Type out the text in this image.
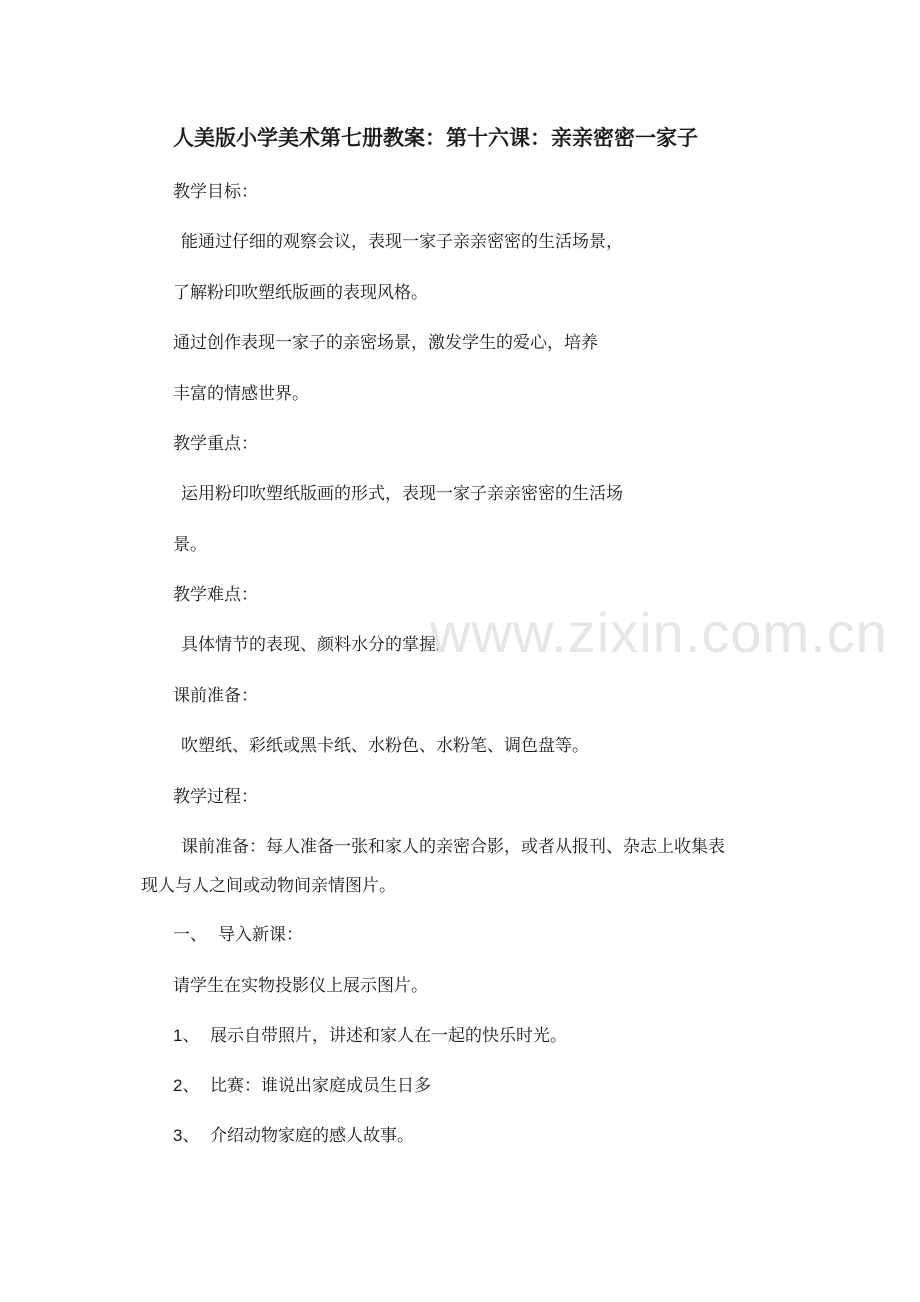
人美版小学美术第七册教案：第十六课：亲亲密密一家子
教学目标：
能通过仔细的观察会议，表现一家子亲亲密密的生活场景，
了解粉印吹塑纸版画的表现风格。
通过创作表现一家子的亲密场景，激发学生的爱心，培养
丰富的情感世界。
教学重点：
运用粉印吹塑纸版画的形式，表现一家子亲亲密密的生活场
景。
教学难点：
具体情节的表现、颜料水分的掌握。
课前准备：
吹塑纸、彩纸或黑卡纸、水粉色、水粉笔、调色盘等。
教学过程：
课前准备：每人准备一张和家人的亲密合影，或者从报刊、杂志上收集表
现人与人之间或动物间亲情图片。
一、 导入新课：
请学生在实物投影仪上展示图片。
1、 展示自带照片，讲述和家人在一起的快乐时光。
2、 比赛：谁说出家庭成员生日多
3、 介绍动物家庭的感人故事。
www.zixin.com.cn
